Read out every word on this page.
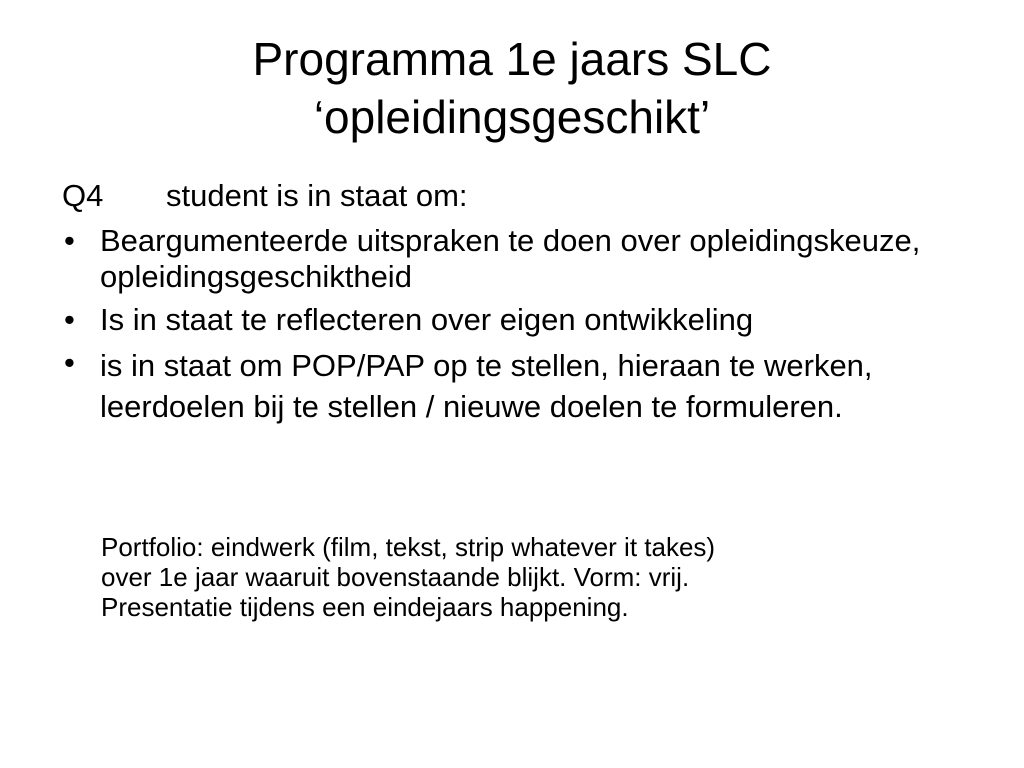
Programma 1e jaars SLC
‘opleidingsgeschikt’
Q4 student is in staat om:
• Beargumenteerde uitspraken te doen over opleidingskeuze, opleidingsgeschiktheid
• Is in staat te reflecteren over eigen ontwikkeling
• is in staat om POP/PAP op te stellen, hieraan te werken, leerdoelen bij te stellen / nieuwe doelen te formuleren.
Portfolio: eindwerk (film, tekst, strip whatever it takes)
over 1e jaar waaruit bovenstaande blijkt. Vorm: vrij.
Presentatie tijdens een eindejaars happening.
